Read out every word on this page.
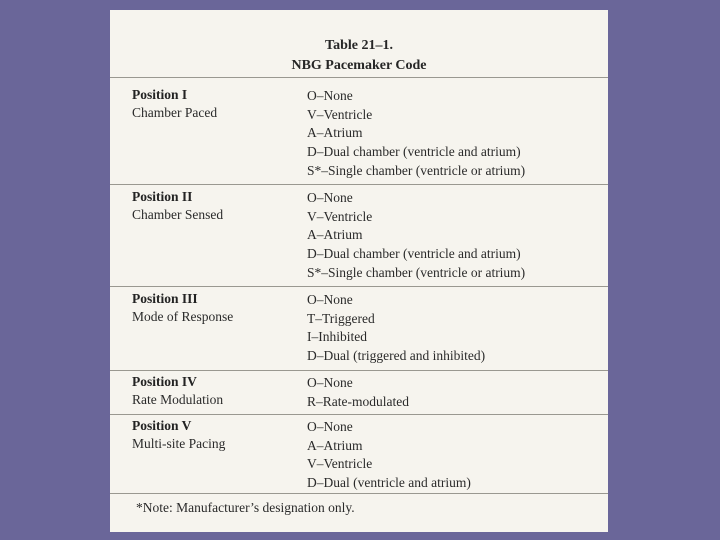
Table 21–1.
NBG Pacemaker Code
Position I
Chamber Paced
O–None
V–Ventricle
A–Atrium
D–Dual chamber (ventricle and atrium)
S*–Single chamber (ventricle or atrium)
Position II
Chamber Sensed
O–None
V–Ventricle
A–Atrium
D–Dual chamber (ventricle and atrium)
S*–Single chamber (ventricle or atrium)
Position III
Mode of Response
O–None
T–Triggered
I–Inhibited
D–Dual (triggered and inhibited)
Position IV
Rate Modulation
O–None
R–Rate-modulated
Position V
Multi-site Pacing
O–None
A–Atrium
V–Ventricle
D–Dual (ventricle and atrium)
*Note: Manufacturer’s designation only.
